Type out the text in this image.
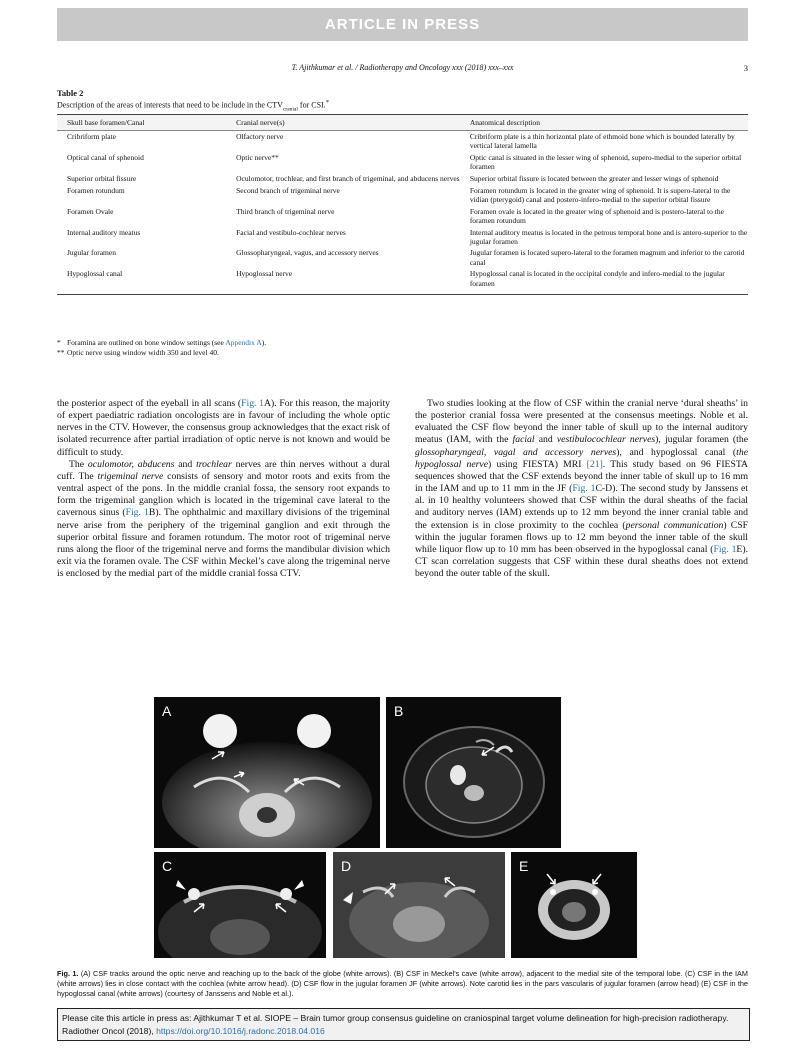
ARTICLE IN PRESS
T. Ajithkumar et al. / Radiotherapy and Oncology xxx (2018) xxx–xxx	3
Table 2
Description of the areas of interests that need to be include in the $CTV_{cranial}$ for CSI.*
Skull base foramen/Canal	Cranial nerve(s)	Anatomical description
Cribriform plate	Olfactory nerve	Cribriform plate is a thin horizontal plate of ethmoid bone which is bounded laterally by vertical lateral lamella
Optical canal of sphenoid	Optic nerve**	Optic canal is situated in the lesser wing of sphenoid, supero-medial to the superior orbital foramen
Superior orbital fissure	Oculomotor, trochlear, and first branch of trigeminal, and abducens nerves	Superior orbital fissure is located between the greater and lesser wings of sphenoid
Foramen rotundum	Second branch of trigeminal nerve	Foramen rotundum is located in the greater wing of sphenoid. It is supero-lateral to the vidian (pterygoid) canal and postero-infero-medial to the superior orbital fissure
Foramen Ovale	Third branch of trigeminal nerve	Foramen ovale is located in the greater wing of sphenoid and is postero-lateral to the foramen rotundum
Internal auditory meatus	Facial and vestibulo-cochlear nerves	Internal auditory meatus is located in the petrous temporal bone and is antero-superior to the jugular foramen
Jugular foramen	Glossopharyngeal, vagus, and accessory nerves	Jugular foramen is located supero-lateral to the foramen magnum and inferior to the carotid canal
Hypoglossal canal	Hypoglossal nerve	Hypoglossal canal is located in the occipital condyle and infero-medial to the jugular foramen
* Foramina are outlined on bone window settings (see Appendix A).
** Optic nerve using window width 350 and level 40.

the posterior aspect of the eyeball in all scans (Fig. 1A). For this reason, the majority of expert paediatric radiation oncologists are in favour of including the whole optic nerves in the CTV. However, the consensus group acknowledges that the exact risk of isolated recurrence after partial irradiation of optic nerve is not known and would be difficult to study.

The oculomotor, abducens and trochlear nerves are thin nerves without a dural cuff. The trigeminal nerve consists of sensory and motor roots and exits from the ventral aspect of the pons. In the middle cranial fossa, the sensory root expands to form the trigeminal ganglion which is located in the trigeminal cave lateral to the cavernous sinus (Fig. 1B). The ophthalmic and maxillary divisions of the trigeminal nerve arise from the periphery of the trigeminal ganglion and exit through the superior orbital fissure and foramen rotundum. The motor root of trigeminal nerve runs along the floor of the trigeminal nerve and forms the mandibular division which exit via the foramen ovale. The CSF within Meckel’s cave along the trigeminal nerve is enclosed by the medial part of the middle cranial fossa CTV.

Two studies looking at the flow of CSF within the cranial nerve ‘dural sheaths’ in the posterior cranial fossa were presented at the consensus meetings. Noble et al. evaluated the CSF flow beyond the inner table of skull up to the internal auditory meatus (IAM, with the facial and vestibulocochlear nerves), jugular foramen (the glossopharyngeal, vagal and accessory nerves), and hypoglossal canal (the hypoglossal nerve) using FIESTA) MRI [21]. This study based on 96 FIESTA sequences showed that the CSF extends beyond the inner table of skull up to 16 mm in the IAM and up to 11 mm in the JF (Fig. 1C-D). The second study by Janssens et al. in 10 healthy volunteers showed that CSF within the dural sheaths of the facial and auditory nerves (IAM) extends up to 12 mm beyond the inner cranial table and the extension is in close proximity to the cochlea (personal communication) CSF within the jugular foramen flows up to 12 mm beyond the inner table of the skull while liquor flow up to 10 mm has been observed in the hypoglossal canal (Fig. 1E). CT scan correlation suggests that CSF within these dural sheaths does not extend beyond the outer table of the skull.

A	B
C	D	E
Fig. 1. (A) CSF tracks around the optic nerve and reaching up to the back of the globe (white arrows). (B) CSF in Meckel’s cave (white arrow), adjacent to the medial site of the temporal lobe. (C) CSF in the IAM (white arrows) lies in close contact with the cochlea (white arrow head). (D) CSF flow in the jugular foramen JF (white arrows). Note carotid lies in the pars vascularis of jugular foramen (arrow head) (E) CSF in the hypoglossal canal (white arrows) (courtesy of Janssens and Noble et al.).
Please cite this article in press as: Ajithkumar T et al. SIOPE – Brain tumor group consensus guideline on craniospinal target volume delineation for high-precision radiotherapy. Radiother Oncol (2018), https://doi.org/10.1016/j.radonc.2018.04.016
